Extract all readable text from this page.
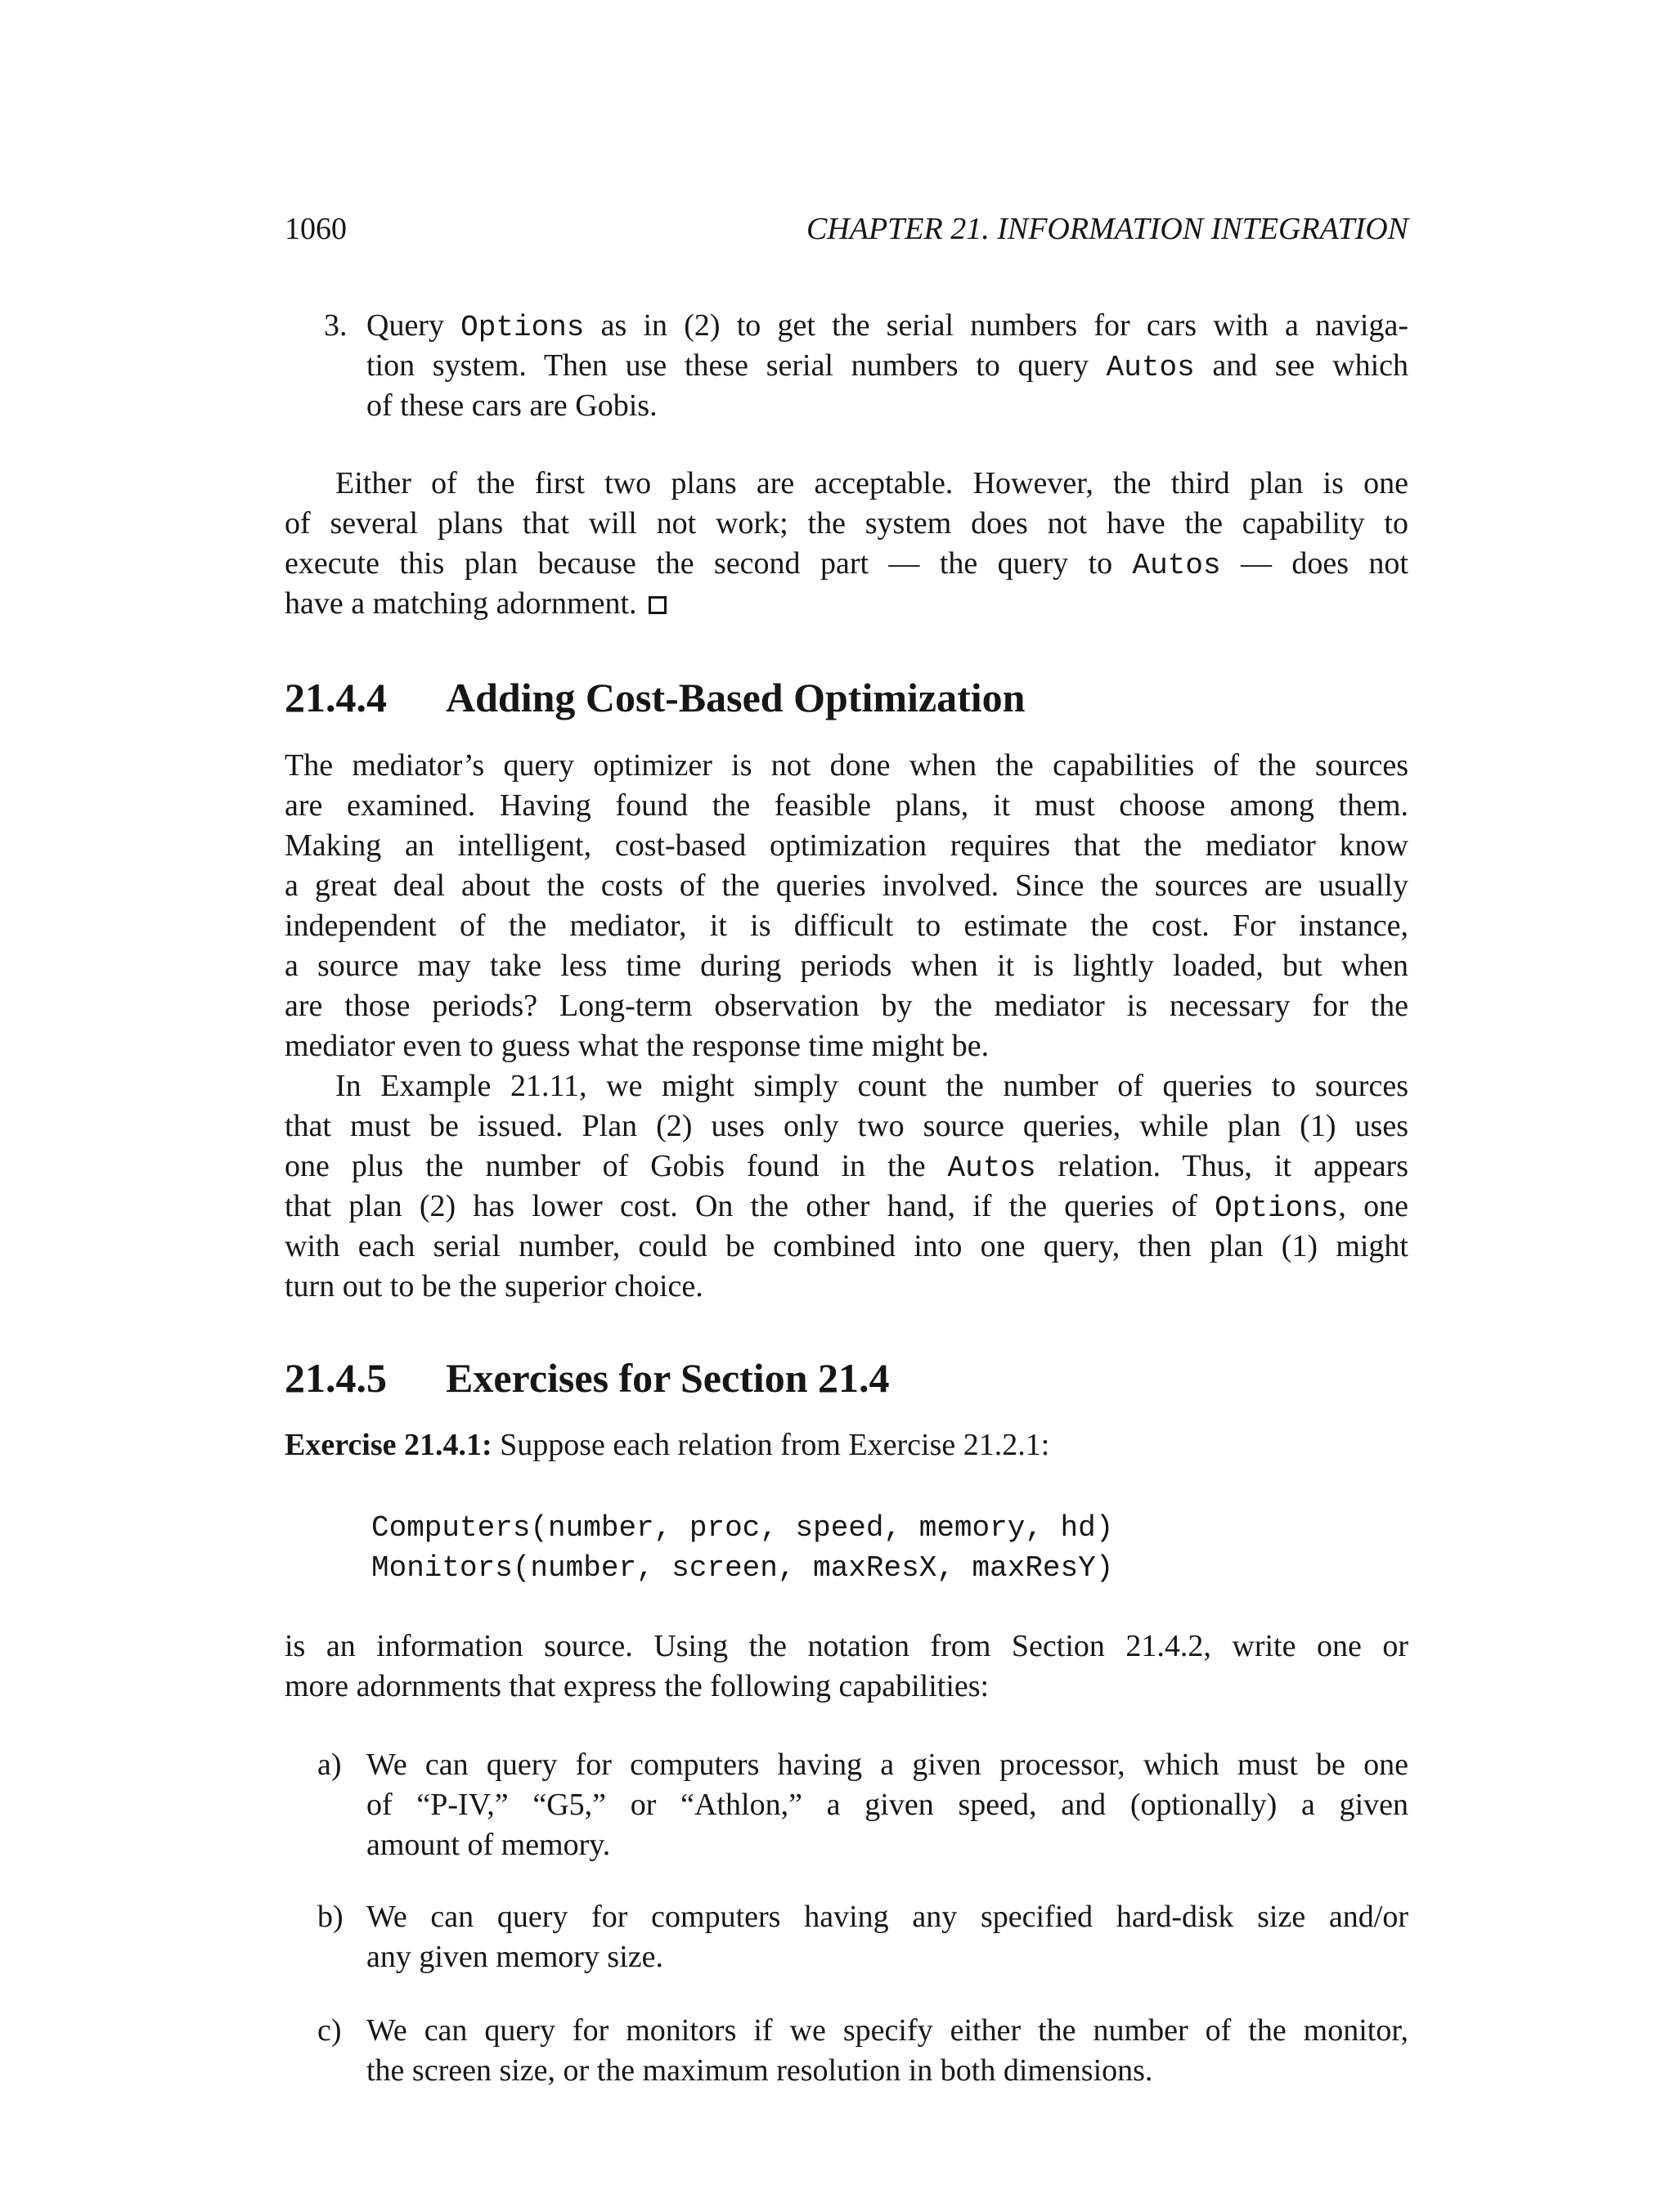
1060	CHAPTER 21. INFORMATION INTEGRATION
3. Query Options as in (2) to get the serial numbers for cars with a naviga-
tion system. Then use these serial numbers to query Autos and see which
of these cars are Gobis.
Either of the first two plans are acceptable. However, the third plan is one
of several plans that will not work; the system does not have the capability to
execute this plan because the second part — the query to Autos — does not
have a matching adornment.
21.4.4 Adding Cost-Based Optimization
The mediator’s query optimizer is not done when the capabilities of the sources
are examined. Having found the feasible plans, it must choose among them.
Making an intelligent, cost-based optimization requires that the mediator know
a great deal about the costs of the queries involved. Since the sources are usually
independent of the mediator, it is difficult to estimate the cost. For instance,
a source may take less time during periods when it is lightly loaded, but when
are those periods? Long-term observation by the mediator is necessary for the
mediator even to guess what the response time might be.
In Example 21.11, we might simply count the number of queries to sources
that must be issued. Plan (2) uses only two source queries, while plan (1) uses
one plus the number of Gobis found in the Autos relation. Thus, it appears
that plan (2) has lower cost. On the other hand, if the queries of Options, one
with each serial number, could be combined into one query, then plan (1) might
turn out to be the superior choice.
21.4.5 Exercises for Section 21.4
Exercise 21.4.1: Suppose each relation from Exercise 21.2.1:
Computers(number, proc, speed, memory, hd)
Monitors(number, screen, maxResX, maxResY)
is an information source. Using the notation from Section 21.4.2, write one or
more adornments that express the following capabilities:
a) We can query for computers having a given processor, which must be one
of “P-IV,” “G5,” or “Athlon,” a given speed, and (optionally) a given
amount of memory.
b) We can query for computers having any specified hard-disk size and/or
any given memory size.
c) We can query for monitors if we specify either the number of the monitor,
the screen size, or the maximum resolution in both dimensions.
